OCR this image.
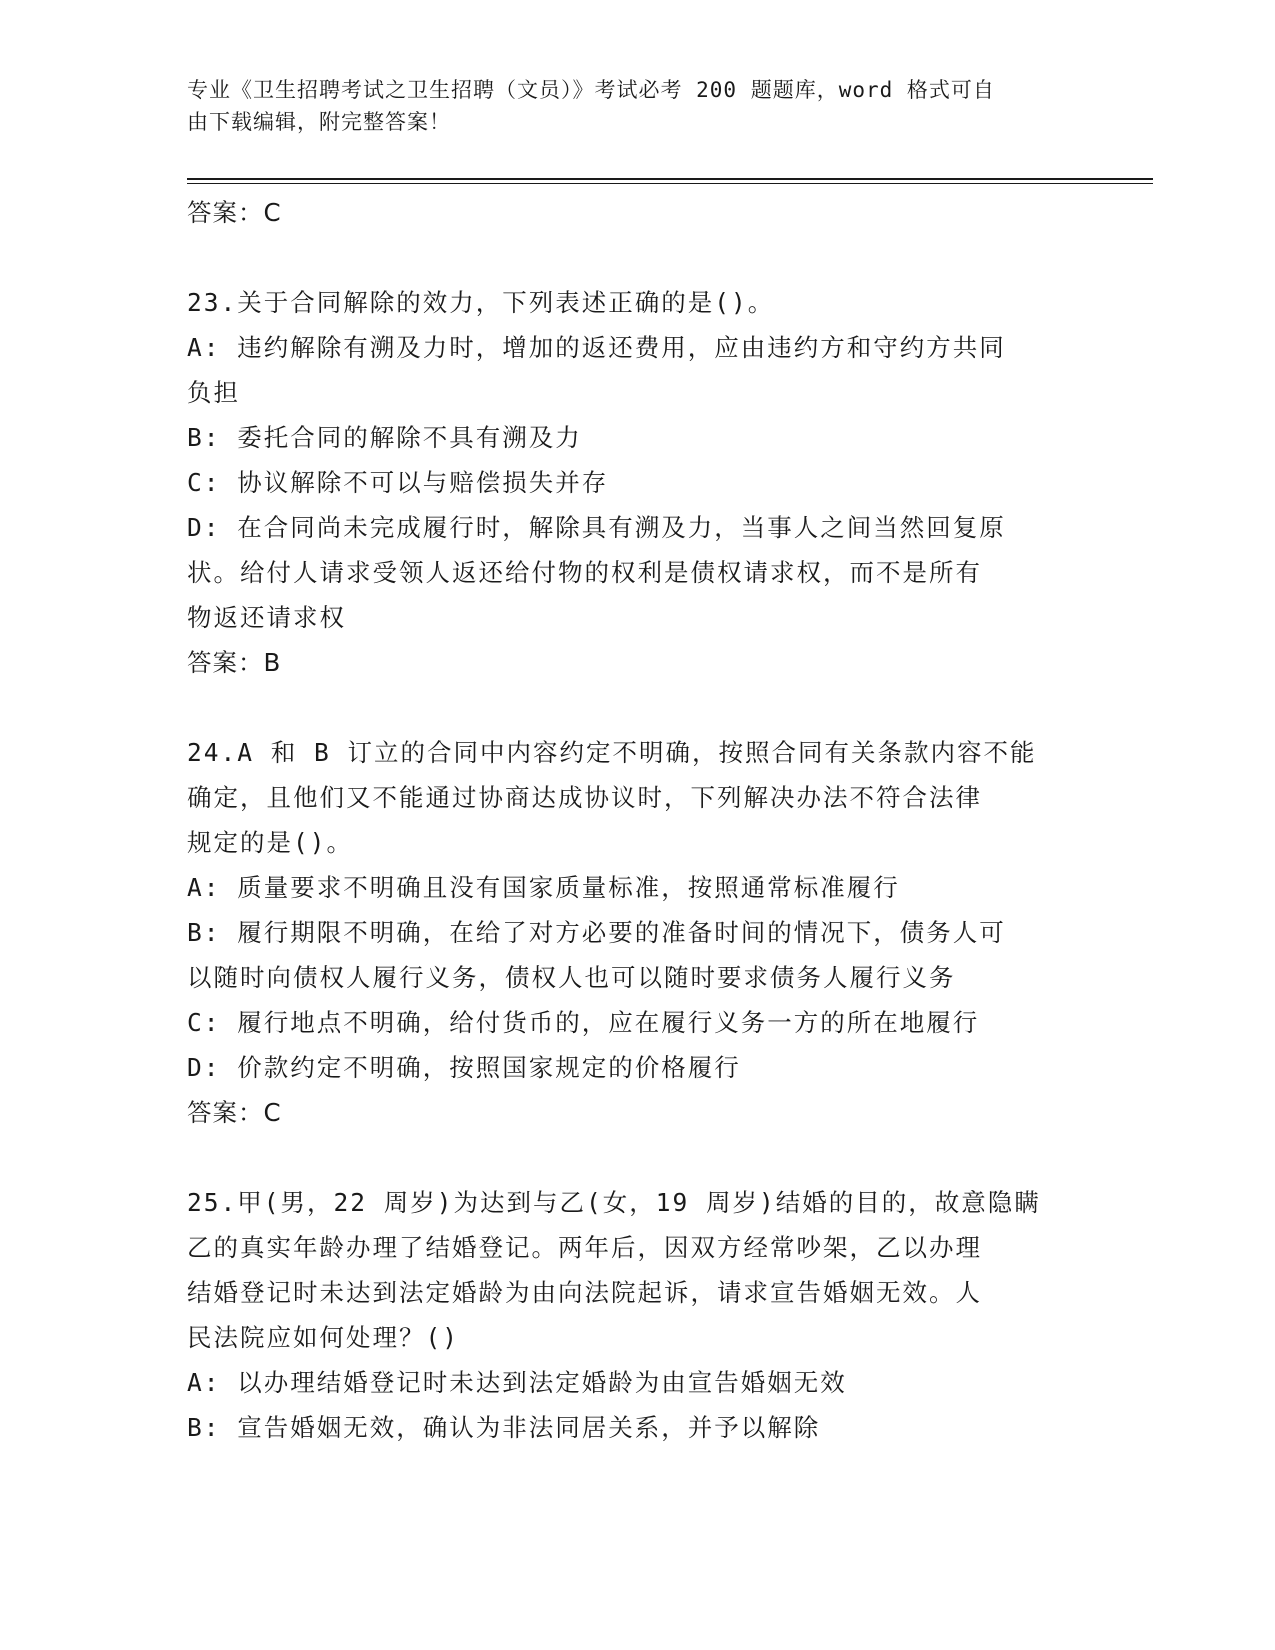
专业《卫生招聘考试之卫生招聘（文员）》考试必考 200 题题库，word 格式可自
由下载编辑，附完整答案！
答案：C
23.关于合同解除的效力，下列表述正确的是()。
A: 违约解除有溯及力时，增加的返还费用，应由违约方和守约方共同
负担
B: 委托合同的解除不具有溯及力
C: 协议解除不可以与赔偿损失并存
D: 在合同尚未完成履行时，解除具有溯及力，当事人之间当然回复原
状。给付人请求受领人返还给付物的权利是债权请求权，而不是所有
物返还请求权
答案：B
24.A 和 B 订立的合同中内容约定不明确，按照合同有关条款内容不能
确定，且他们又不能通过协商达成协议时，下列解决办法不符合法律
规定的是()。
A: 质量要求不明确且没有国家质量标准，按照通常标准履行
B: 履行期限不明确，在给了对方必要的准备时间的情况下，债务人可
以随时向债权人履行义务，债权人也可以随时要求债务人履行义务
C: 履行地点不明确，给付货币的，应在履行义务一方的所在地履行
D: 价款约定不明确，按照国家规定的价格履行
答案：C
25.甲(男，22 周岁)为达到与乙(女，19 周岁)结婚的目的，故意隐瞒
乙的真实年龄办理了结婚登记。两年后，因双方经常吵架，乙以办理
结婚登记时未达到法定婚龄为由向法院起诉，请求宣告婚姻无效。人
民法院应如何处理？()
A: 以办理结婚登记时未达到法定婚龄为由宣告婚姻无效
B: 宣告婚姻无效，确认为非法同居关系，并予以解除
